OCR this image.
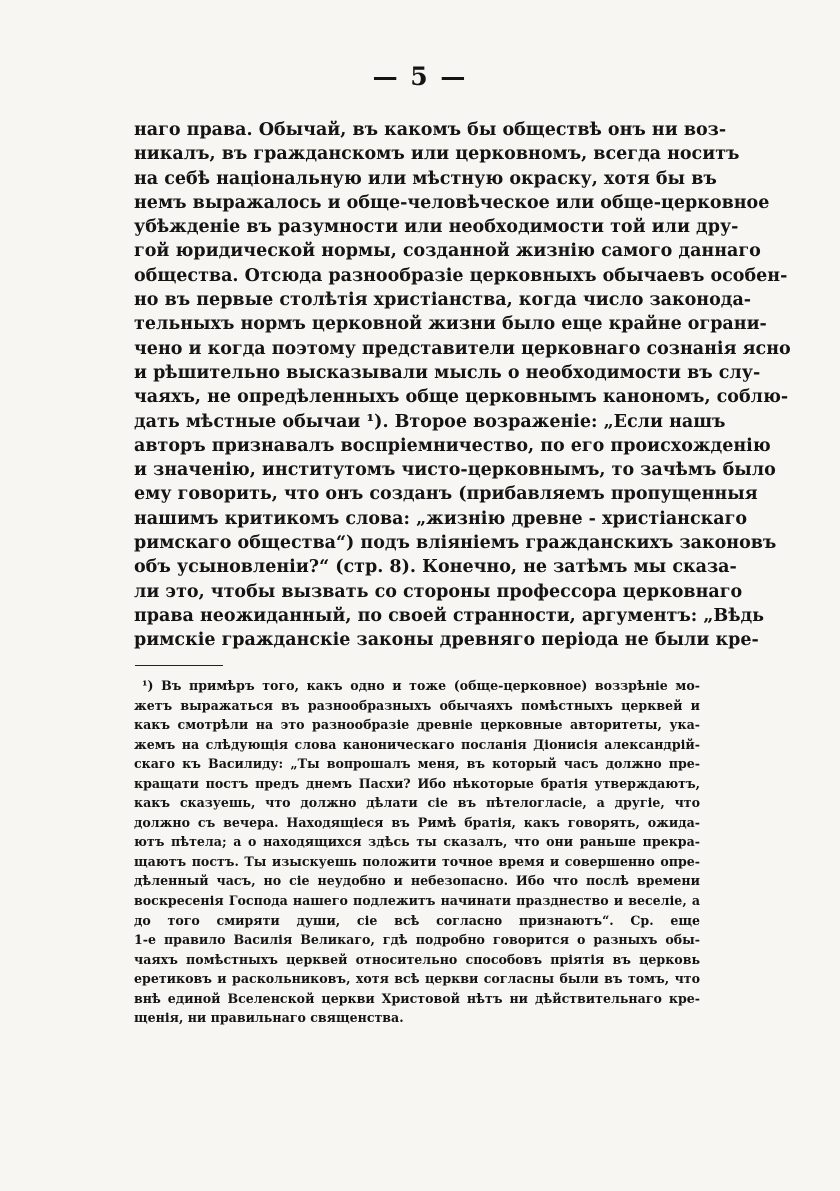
— 5 —
наго права. Обычай, въ какомъ бы обществѣ онъ ни воз-
никалъ, въ гражданскомъ или церковномъ, всегда носитъ
на себѣ національную или мѣстную окраску, хотя бы въ
немъ выражалось и обще-человѣческое или обще-церковное
убѣжденіе въ разумности или необходимости той или дру-
гой юридической нормы, созданной жизнію самого даннаго
общества. Отсюда разнообразіе церковныхъ обычаевъ особен-
но въ первые столѣтія христіанства, когда число законода-
тельныхъ нормъ церковной жизни было еще крайне ограни-
чено и когда поэтому представители церковнаго сознанія ясно
и рѣшительно высказывали мысль о необходимости въ слу-
чаяхъ, не опредѣленныхъ обще церковнымъ канономъ, соблю-
дать мѣстные обычаи ¹). Второе возраженіе: „Если нашъ
авторъ признавалъ воспріемничество, по его происхожденію
и значенію, институтомъ чисто-церковнымъ, то зачѣмъ было
ему говорить, что онъ созданъ (прибавляемъ пропущенныя
нашимъ критикомъ слова: „жизнію древне - христіанскаго
римскаго общества“) подъ вліяніемъ гражданскихъ законовъ
объ усыновленіи?“ (стр. 8). Конечно, не затѣмъ мы сказа-
ли это, чтобы вызвать со стороны профессора церковнаго
права неожиданный, по своей странности, аргументъ: „Вѣдь
римскіе гражданскіе законы древняго періода не были кре-
¹) Въ примѣръ того, какъ одно и тоже (обще-церковное) воззрѣніе мо-
жетъ выражаться въ разнообразныхъ обычаяхъ помѣстныхъ церквей и
какъ смотрѣли на это разнообразіе древніе церковные авторитеты, ука-
жемъ на слѣдующія слова каноническаго посланія Діонисія александрій-
скаго къ Василиду: „Ты вопрошалъ меня, въ который часъ должно пре-
кращати постъ предъ днемъ Пасхи? Ибо нѣкоторые братія утверждаютъ,
какъ сказуешь, что должно дѣлати сіе въ пѣтелогласіе, а другіе, что
должно съ вечера. Находящіеся въ Римѣ братія, какъ говорять, ожида-
ютъ пѣтела; а о находящихся здѣсь ты сказалъ, что они раньше прекра-
щаютъ постъ. Ты изыскуешь положити точное время и совершенно опре-
дѣленный часъ, но сіе неудобно и небезопасно. Ибо что послѣ времени
воскресенія Господа нашего подлежитъ начинати празднество и веселіе, а
до того смиряти души, сіе всѣ согласно признаютъ“. Ср. еще
1-е правило Василія Великаго, гдѣ подробно говорится о разныхъ обы-
чаяхъ помѣстныхъ церквей относительно способовъ пріятія въ церковь
еретиковъ и раскольниковъ, хотя всѣ церкви согласны были въ томъ, что
внѣ единой Вселенской церкви Христовой нѣтъ ни дѣйствительнаго кре-
щенія, ни правильнаго священства.
